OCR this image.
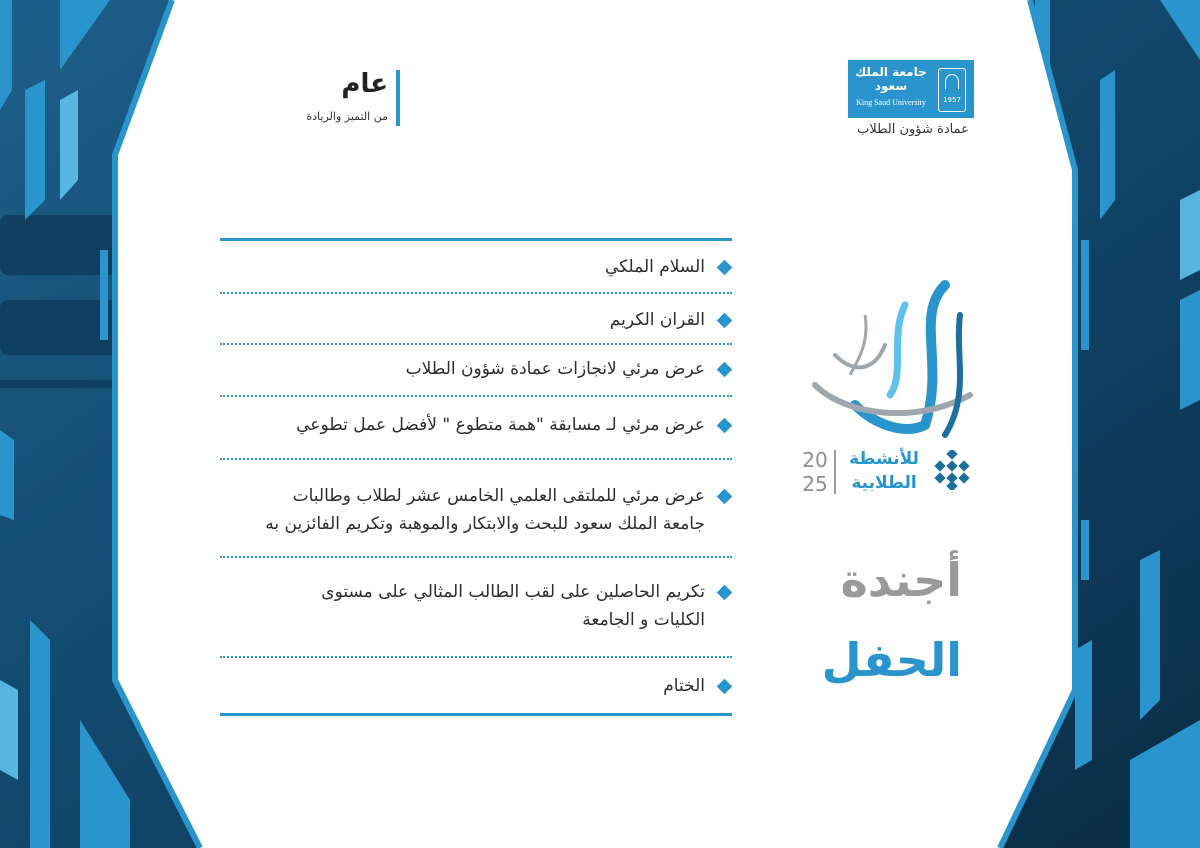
1957
جامعة الملك سعود
King Saud University
عمادة شؤون الطلاب
عام
من التميز والريادة
20
25
للأنشطة
الطلابية
أجندة
الحفل
السلام الملكي
القران الكريم
عرض مرئي لانجازات عمادة شؤون الطلاب
عرض مرئي لـ مسابقة "همة متطوع " لأفضل عمل تطوعي
عرض مرئي للملتقى العلمي الخامس عشر لطلاب وطالبات
جامعة الملك سعود للبحث والابتكار والموهبة وتكريم الفائزين به
تكريم الحاصلين على لقب الطالب المثالي على مستوى
الكليات و الجامعة
الختام
